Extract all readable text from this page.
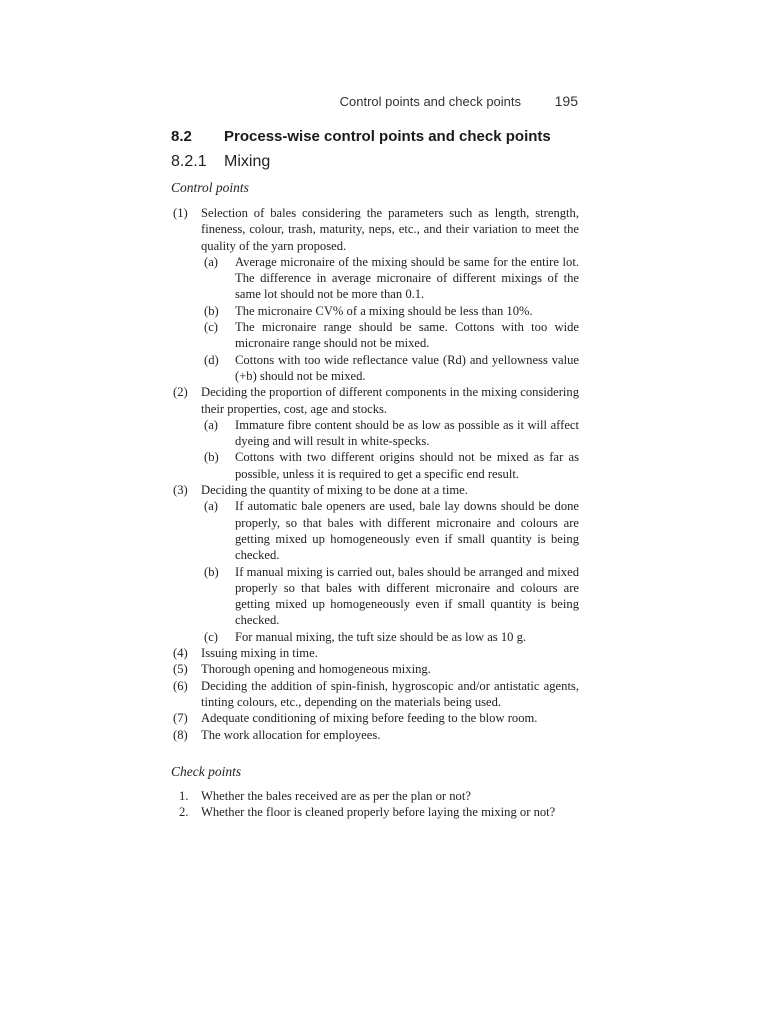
Control points and check points 195
8.2 Process-wise control points and check points
8.2.1 Mixing
Control points
(1) Selection of bales considering the parameters such as length, strength, fineness, colour, trash, maturity, neps, etc., and their variation to meet the quality of the yarn proposed.
(a) Average micronaire of the mixing should be same for the entire lot. The difference in average micronaire of different mixings of the same lot should not be more than 0.1.
(b) The micronaire CV% of a mixing should be less than 10%.
(c) The micronaire range should be same. Cottons with too wide micronaire range should not be mixed.
(d) Cottons with too wide reflectance value (Rd) and yellowness value (+b) should not be mixed.
(2) Deciding the proportion of different components in the mixing considering their properties, cost, age and stocks.
(a) Immature fibre content should be as low as possible as it will affect dyeing and will result in white-specks.
(b) Cottons with two different origins should not be mixed as far as possible, unless it is required to get a specific end result.
(3) Deciding the quantity of mixing to be done at a time.
(a) If automatic bale openers are used, bale lay downs should be done properly, so that bales with different micronaire and colours are getting mixed up homogeneously even if small quantity is being checked.
(b) If manual mixing is carried out, bales should be arranged and mixed properly so that bales with different micronaire and colours are getting mixed up homogeneously even if small quantity is being checked.
(c) For manual mixing, the tuft size should be as low as 10 g.
(4) Issuing mixing in time.
(5) Thorough opening and homogeneous mixing.
(6) Deciding the addition of spin-finish, hygroscopic and/or antistatic agents, tinting colours, etc., depending on the materials being used.
(7) Adequate conditioning of mixing before feeding to the blow room.
(8) The work allocation for employees.
Check points
1. Whether the bales received are as per the plan or not?
2. Whether the floor is cleaned properly before laying the mixing or not?
